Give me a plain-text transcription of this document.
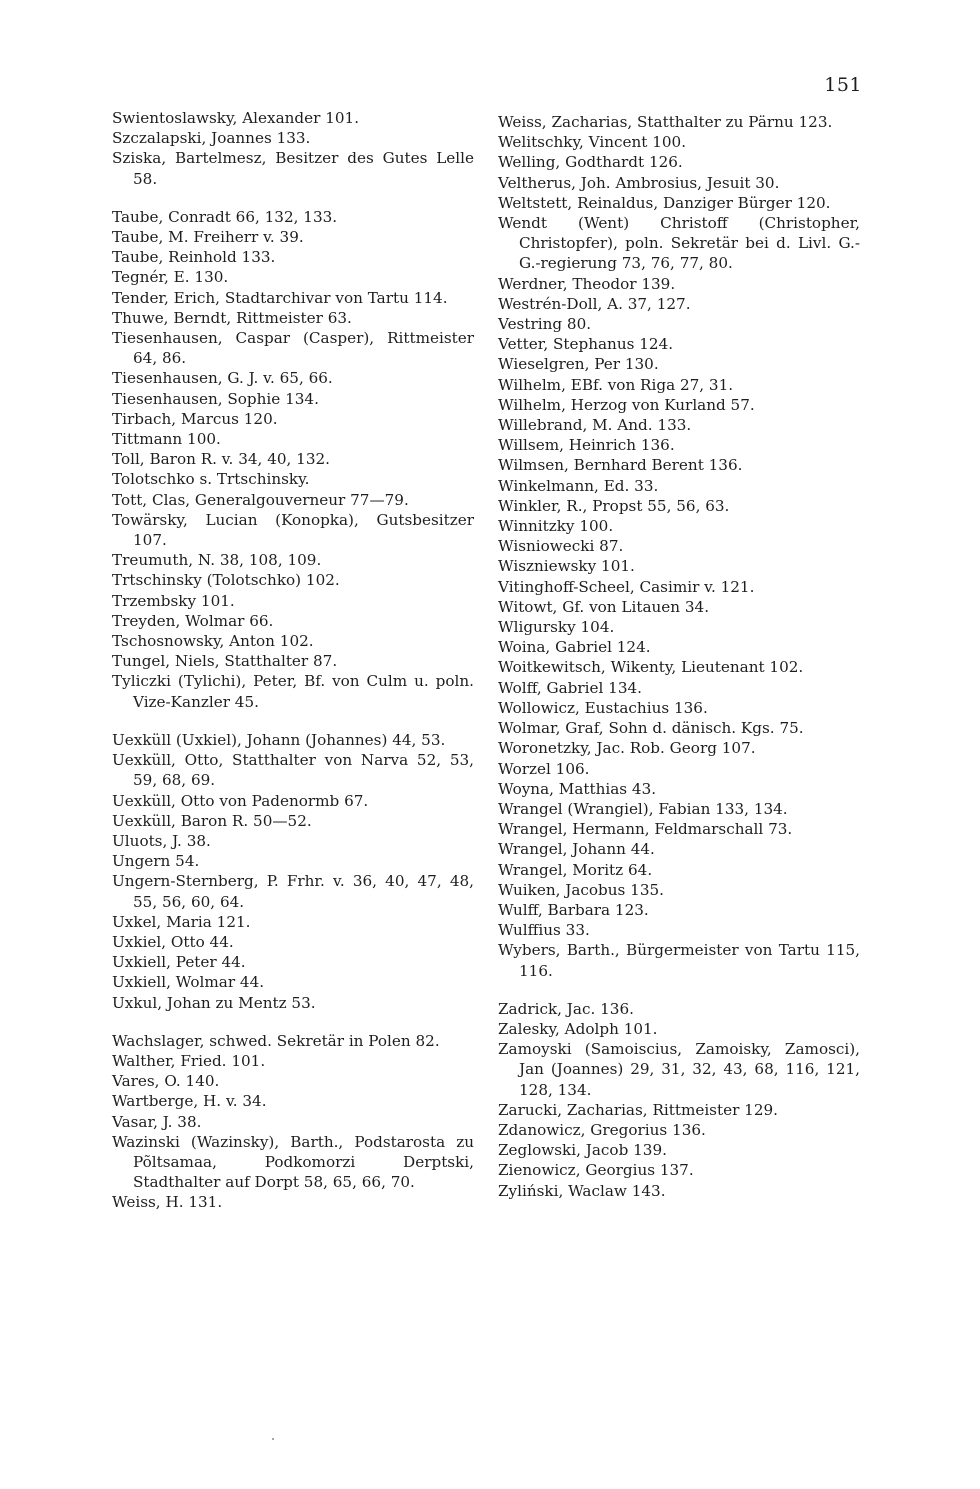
151

Swientoslawsky, Alexander 101.

Szczalapski, Joannes 133.

Sziska, Bartelmesz, Besitzer des Gutes Lelle 58.

Taube, Conradt 66, 132, 133.

Taube, M. Freiherr v. 39.

Taube, Reinhold 133.

Tegnér, E. 130.

Tender, Erich, Stadtarchivar von Tartu 114.

Thuwe, Berndt, Rittmeister 63.

Tiesenhausen, Caspar (Casper), Rittmeister 64, 86.

Tiesenhausen, G. J. v. 65, 66.

Tiesenhausen, Sophie 134.

Tirbach, Marcus 120.

Tittmann 100.

Toll, Baron R. v. 34, 40, 132.

Tolotschko s. Trtschinsky.

Tott, Clas, Generalgouverneur 77—79.

Towärsky, Lucian (Konopka), Gutsbesitzer 107.

Treumuth, N. 38, 108, 109.

Trtschinsky (Tolotschko) 102.

Trzembsky 101.

Treyden, Wolmar 66.

Tschosnowsky, Anton 102.

Tungel, Niels, Statthalter 87.

Tyliczki (Tylichi), Peter, Bf. von Culm u. poln. Vize-Kanzler 45.

Uexküll (Uxkiel), Johann (Johannes) 44, 53.

Uexküll, Otto, Statthalter von Narva 52, 53, 59, 68, 69.

Uexküll, Otto von Padenormb 67.

Uexküll, Baron R. 50—52.

Uluots, J. 38.

Ungern 54.

Ungern-Sternberg, P. Frhr. v. 36, 40, 47, 48, 55, 56, 60, 64.

Uxkel, Maria 121.

Uxkiel, Otto 44.

Uxkiell, Peter 44.

Uxkiell, Wolmar 44.

Uxkul, Johan zu Mentz 53.

Wachslager, schwed. Sekretär in Polen 82.

Walther, Fried. 101.

Vares, O. 140.

Wartberge, H. v. 34.

Vasar, J. 38.

Wazinski (Wazinsky), Barth., Podstarosta zu Põltsamaa, Podkomorzi Derptski, Stadthalter auf Dorpt 58, 65, 66, 70.

Weiss, H. 131.

Weiss, Zacharias, Statthalter zu Pärnu 123.

Welitschky, Vincent 100.

Welling, Godthardt 126.

Veltherus, Joh. Ambrosius, Jesuit 30.

Weltstett, Reinaldus, Danziger Bürger 120.

Wendt (Went) Christoff (Christopher, Christopfer), poln. Sekretär bei d. Livl. G.-G.-regierung 73, 76, 77, 80.

Werdner, Theodor 139.

Westrén-Doll, A. 37, 127.

Vestring 80.

Vetter, Stephanus 124.

Wieselgren, Per 130.

Wilhelm, EBf. von Riga 27, 31.

Wilhelm, Herzog von Kurland 57.

Willebrand, M. And. 133.

Willsem, Heinrich 136.

Wilmsen, Bernhard Berent 136.

Winkelmann, Ed. 33.

Winkler, R., Propst 55, 56, 63.

Winnitzky 100.

Wisniowecki 87.

Wiszniewsky 101.

Vitinghoff-Scheel, Casimir v. 121.

Witowt, Gf. von Litauen 34.

Wligursky 104.

Woina, Gabriel 124.

Woitkewitsch, Wikenty, Lieutenant 102.

Wolff, Gabriel 134.

Wollowicz, Eustachius 136.

Wolmar, Graf, Sohn d. dänisch. Kgs. 75.

Woronetzky, Jac. Rob. Georg 107.

Worzel 106.

Woyna, Matthias 43.

Wrangel (Wrangiel), Fabian 133, 134.

Wrangel, Hermann, Feldmarschall 73.

Wrangel, Johann 44.

Wrangel, Moritz 64.

Wuiken, Jacobus 135.

Wulff, Barbara 123.

Wulffius 33.

Wybers, Barth., Bürgermeister von Tartu 115, 116.

Zadrick, Jac. 136.

Zalesky, Adolph 101.

Zamoyski (Samoiscius, Zamoisky, Zamosci), Jan (Joannes) 29, 31, 32, 43, 68, 116, 121, 128, 134.

Zarucki, Zacharias, Rittmeister 129.

Zdanowicz, Gregorius 136.

Zeglowski, Jacob 139.

Zienowicz, Georgius 137.

Zyliński, Waclaw 143.
